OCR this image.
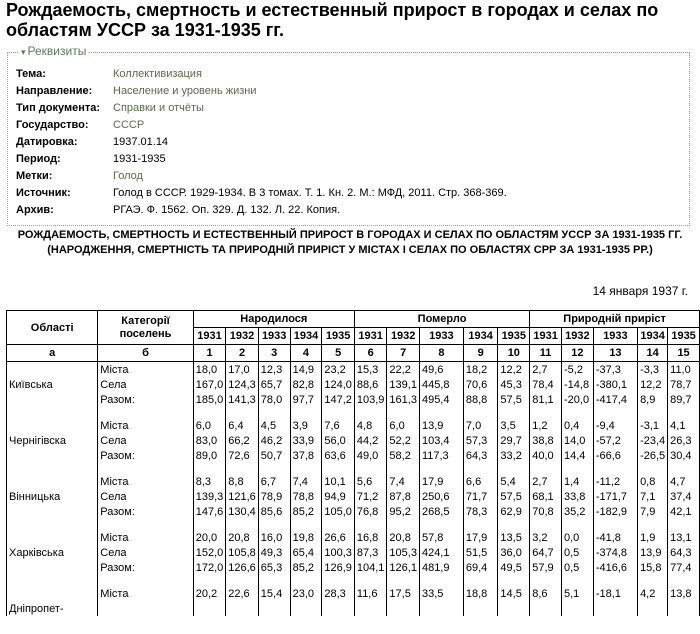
Рождаемость, смертность и естественный прирост в городах и селах по областям УССР за 1931-1935 гг.
▾ Реквизиты
Тема:	Коллективизация
Направление:	Население и уровень жизни
Тип документа:	Справки и отчёты
Государство:	СССР
Датировка:	1937.01.14
Период:	1931-1935
Метки:	Голод
Источник:	Голод в СССР. 1929-1934. В 3 томах. Т. 1. Кн. 2. М.: МФД, 2011. Стр. 368-369.
Архив:	РГАЭ. Ф. 1562. Оп. 329. Д. 132. Л. 22. Копия.
РОЖДАЕМОСТЬ, СМЕРТНОСТЬ И ЕСТЕСТВЕННЫЙ ПРИРОСТ В ГОРОДАХ И СЕЛАХ ПО ОБЛАСТЯМ УССР ЗА 1931-1935 ГГ. (НАРОДЖЕННЯ, СМЕРТНІСТЬ ТА ПРИРОДНІЙ ПРИРІСТ У МІСТАХ І СЕЛАХ ПО ОБЛАСТЯХ СРР ЗА 1931-1935 РР.)
14 января 1937 г.
Області	Категорії поселень	Народилося					Померло					Природній приріст				
		1931	1932	1933	1934	1935	1931	1932	1933	1934	1935	1931	1932	1933	1934	1935
а	б	1	2	3	4	5	6	7	8	9	10	11	12	13	14	15
	Міста	18,0	17,0	12,3	14,9	23,2	15,3	22,2	49,6	18,2	12,2	2,7	-5,2	-37,3	-3,3	11,0
Київська	Села	167,0	124,3	65,7	82,8	124,0	88,6	139,1	445,8	70,6	45,3	78,4	-14,8	-380,1	12,2	78,7
	Разом:	185,0	141,3	78,0	97,7	147,2	103,9	161,3	495,4	88,8	57,5	81,1	-20,0	-417,4	8,9	89,7

	Міста	6,0	6,4	4,5	3,9	7,6	4,8	6,0	13,9	7,0	3,5	1,2	0,4	-9,4	-3,1	4,1
Чернігівска	Села	83,0	66,2	46,2	33,9	56,0	44,2	52,2	103,4	57,3	29,7	38,8	14,0	-57,2	-23,4	26,3
	Разом:	89,0	72,6	50,7	37,8	63,6	49,0	58,2	117,3	64,3	33,2	40,0	14,4	-66,6	-26,5	30,4

	Міста	8,3	8,8	6,7	7,4	10,1	5,6	7,4	17,9	6,6	5,4	2,7	1,4	-11,2	0,8	4,7
Вінницька	Села	139,3	121,6	78,9	78,8	94,9	71,2	87,8	250,6	71,7	57,5	68,1	33,8	-171,7	7,1	37,4
	Разом:	147,6	130,4	85,6	85,2	105,0	76,8	95,2	268,5	78,3	62,9	70,8	35,2	-182,9	7,9	42,1

	Міста	20,0	20,8	16,0	19,8	26,6	16,8	20,8	57,8	17,9	13,5	3,2	0,0	-41,8	1,9	13,1
Харківська	Села	152,0	105,8	49,3	65,4	100,3	87,3	105,3	424,1	51,5	36,0	64,7	0,5	-374,8	13,9	64,3
	Разом:	172,0	126,6	65,3	85,2	126,9	104,1	126,1	481,9	69,4	49,5	57,9	0,5	-416,6	15,8	77,4

	Міста	20,2	22,6	15,4	23,0	28,3	11,6	17,5	33,5	18,8	14,5	8,6	5,1	-18,1	4,2	13,8
Дніпропет-																
